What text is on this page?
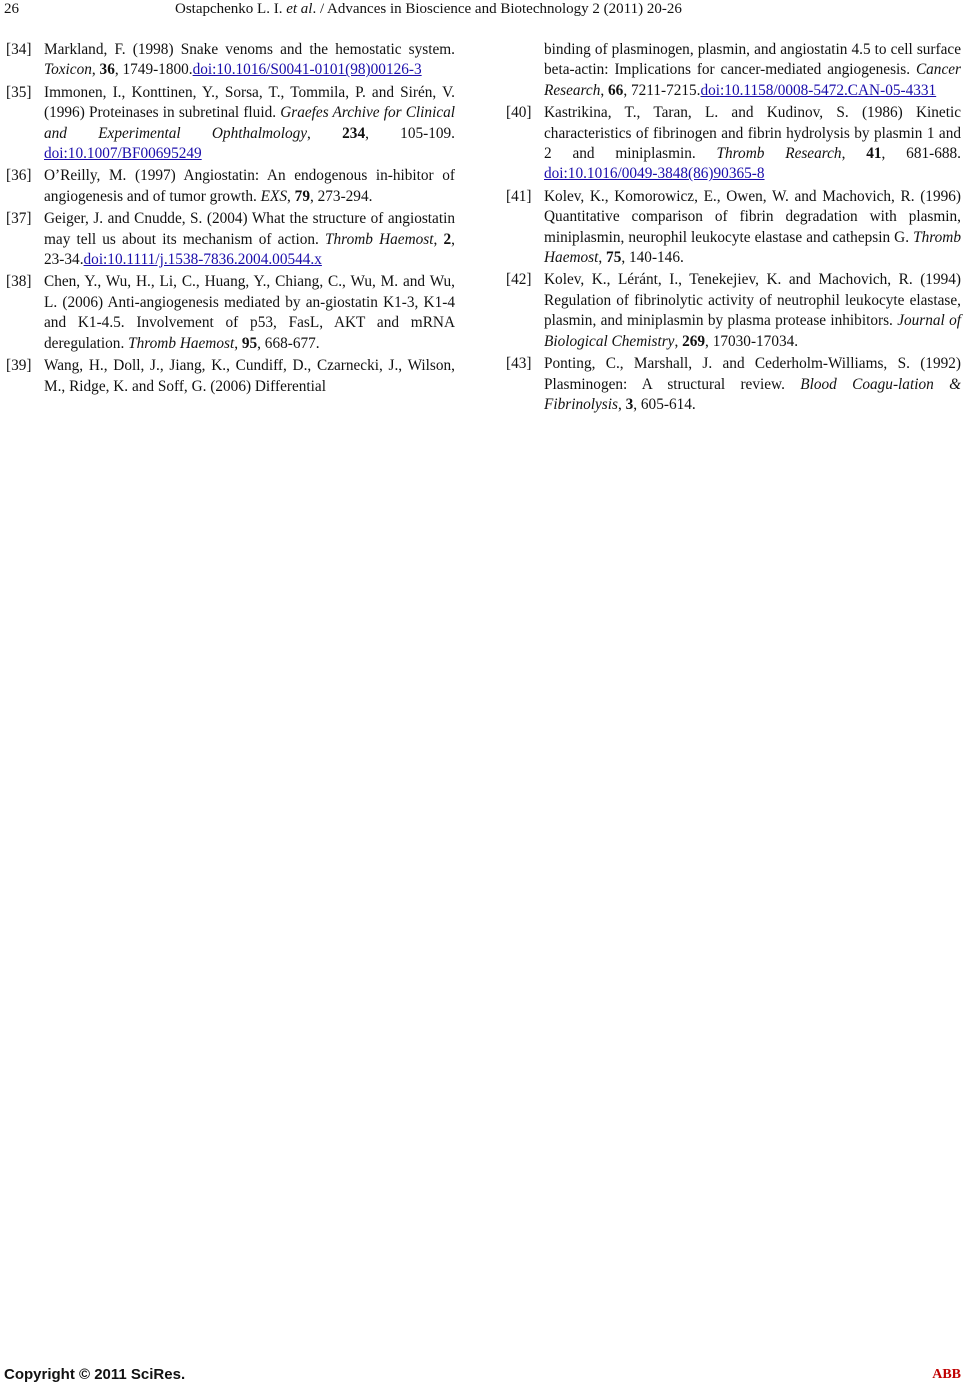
26	Ostapchenko L. I. et al. / Advances in Bioscience and Biotechnology 2 (2011) 20-26
[34] Markland, F. (1998) Snake venoms and the hemostatic system. Toxicon, 36, 1749-1800.doi:10.1016/S0041-0101(98)00126-3
[35] Immonen, I., Konttinen, Y., Sorsa, T., Tommila, P. and Sirén, V. (1996) Proteinases in subretinal fluid. Graefes Archive for Clinical and Experimental Ophthalmology, 234, 105-109. doi:10.1007/BF00695249
[36] O’Reilly, M. (1997) Angiostatin: An endogenous in-hibitor of angiogenesis and of tumor growth. EXS, 79, 273-294.
[37] Geiger, J. and Cnudde, S. (2004) What the structure of angiostatin may tell us about its mechanism of action. Thromb Haemost, 2, 23-34.doi:10.1111/j.1538-7836.2004.00544.x
[38] Chen, Y., Wu, H., Li, C., Huang, Y., Chiang, C., Wu, M. and Wu, L. (2006) Anti-angiogenesis mediated by an-giostatin K1-3, K1-4 and K1-4.5. Involvement of p53, FasL, AKT and mRNA deregulation. Thromb Haemost, 95, 668-677.
[39] Wang, H., Doll, J., Jiang, K., Cundiff, D., Czarnecki, J., Wilson, M., Ridge, K. and Soff, G. (2006) Differential
binding of plasminogen, plasmin, and angiostatin 4.5 to cell surface beta-actin: Implications for cancer-mediated angiogenesis. Cancer Research, 66, 7211-7215.doi:10.1158/0008-5472.CAN-05-4331
[40] Kastrikina, T., Taran, L. and Kudinov, S. (1986) Kinetic characteristics of fibrinogen and fibrin hydrolysis by plasmin 1 and 2 and miniplasmin. Thromb Research, 41, 681-688. doi:10.1016/0049-3848(86)90365-8
[41] Kolev, K., Komorowicz, E., Owen, W. and Machovich, R. (1996) Quantitative comparison of fibrin degradation with plasmin, miniplasmin, neurophil leukocyte elastase and cathepsin G. Thromb Haemost, 75, 140-146.
[42] Kolev, K., Léránt, I., Tenekejiev, K. and Machovich, R. (1994) Regulation of fibrinolytic activity of neutrophil leukocyte elastase, plasmin, and miniplasmin by plasma protease inhibitors. Journal of Biological Chemistry, 269, 17030-17034.
[43] Ponting, C., Marshall, J. and Cederholm-Williams, S. (1992) Plasminogen: A structural review. Blood Coagu-lation & Fibrinolysis, 3, 605-614.
Copyright © 2011 SciRes.	ABB
